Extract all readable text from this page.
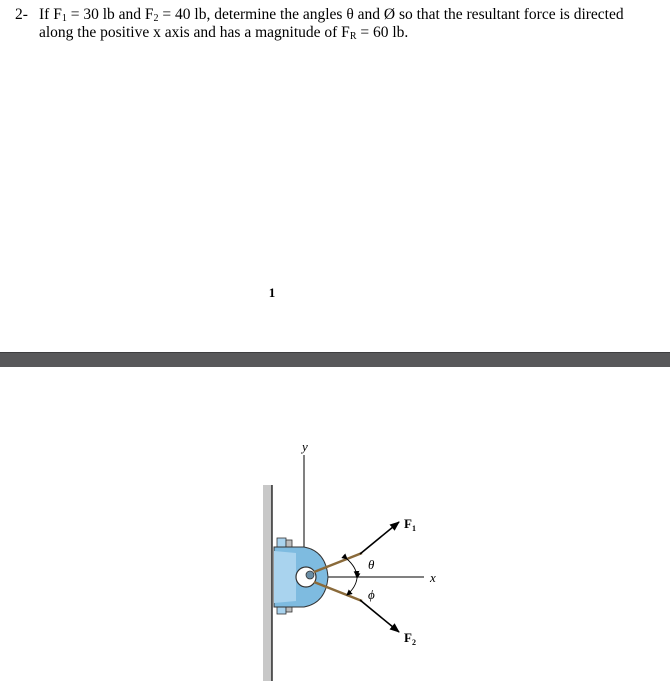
2- If $F_1 = 30$ lb and $F_2 = 40$ lb, determine the angles θ and Ø so that the resultant force is directed
along the positive x axis and has a magnitude of $F_R = 60$ lb.
1
y
x
$F_1$
$F_2$
θ
ϕ
